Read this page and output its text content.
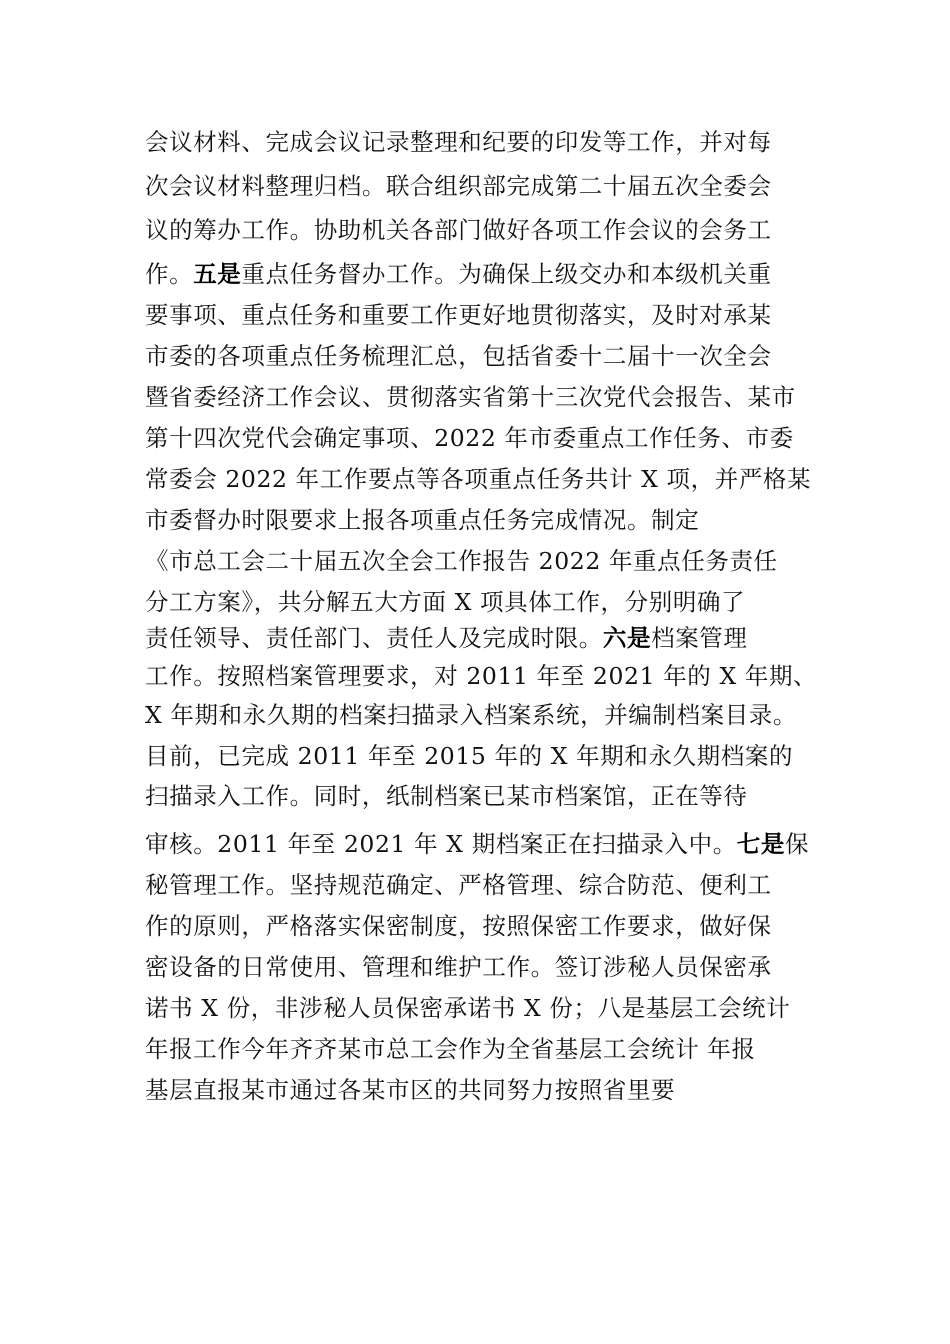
会议材料、完成会议记录整理和纪要的印发等工作，并对每
次会议材料整理归档。联合组织部完成第二十届五次全委会
议的筹办工作。协助机关各部门做好各项工作会议的会务工
作。五是重点任务督办工作。为确保上级交办和本级机关重
要事项、重点任务和重要工作更好地贯彻落实，及时对承某
市委的各项重点任务梳理汇总，包括省委十二届十一次全会
暨省委经济工作会议、贯彻落实省第十三次党代会报告、某市
第十四次党代会确定事项、2022 年市委重点工作任务、市委
常委会 2022 年工作要点等各项重点任务共计 X 项，并严格某
市委督办时限要求上报各项重点任务完成情况。制定
《市总工会二十届五次全会工作报告 2022 年重点任务责任
分工方案》，共分解五大方面 X 项具体工作，分别明确了
责任领导、责任部门、责任人及完成时限。六是档案管理
工作。按照档案管理要求，对 2011 年至 2021 年的 X 年期、
X 年期和永久期的档案扫描录入档案系统，并编制档案目录。
目前，已完成 2011 年至 2015 年的 X 年期和永久期档案的
扫描录入工作。同时，纸制档案已某市档案馆，正在等待
审核。2011 年至 2021 年 X 期档案正在扫描录入中。七是保
秘管理工作。坚持规范确定、严格管理、综合防范、便利工
作的原则，严格落实保密制度，按照保密工作要求，做好保
密设备的日常使用、管理和维护工作。签订涉秘人员保密承
诺书 X 份，非涉秘人员保密承诺书 X 份；八是基层工会统计
年报工作今年齐齐某市总工会作为全省基层工会统计 年报
基层直报某市通过各某市区的共同努力按照省里要
